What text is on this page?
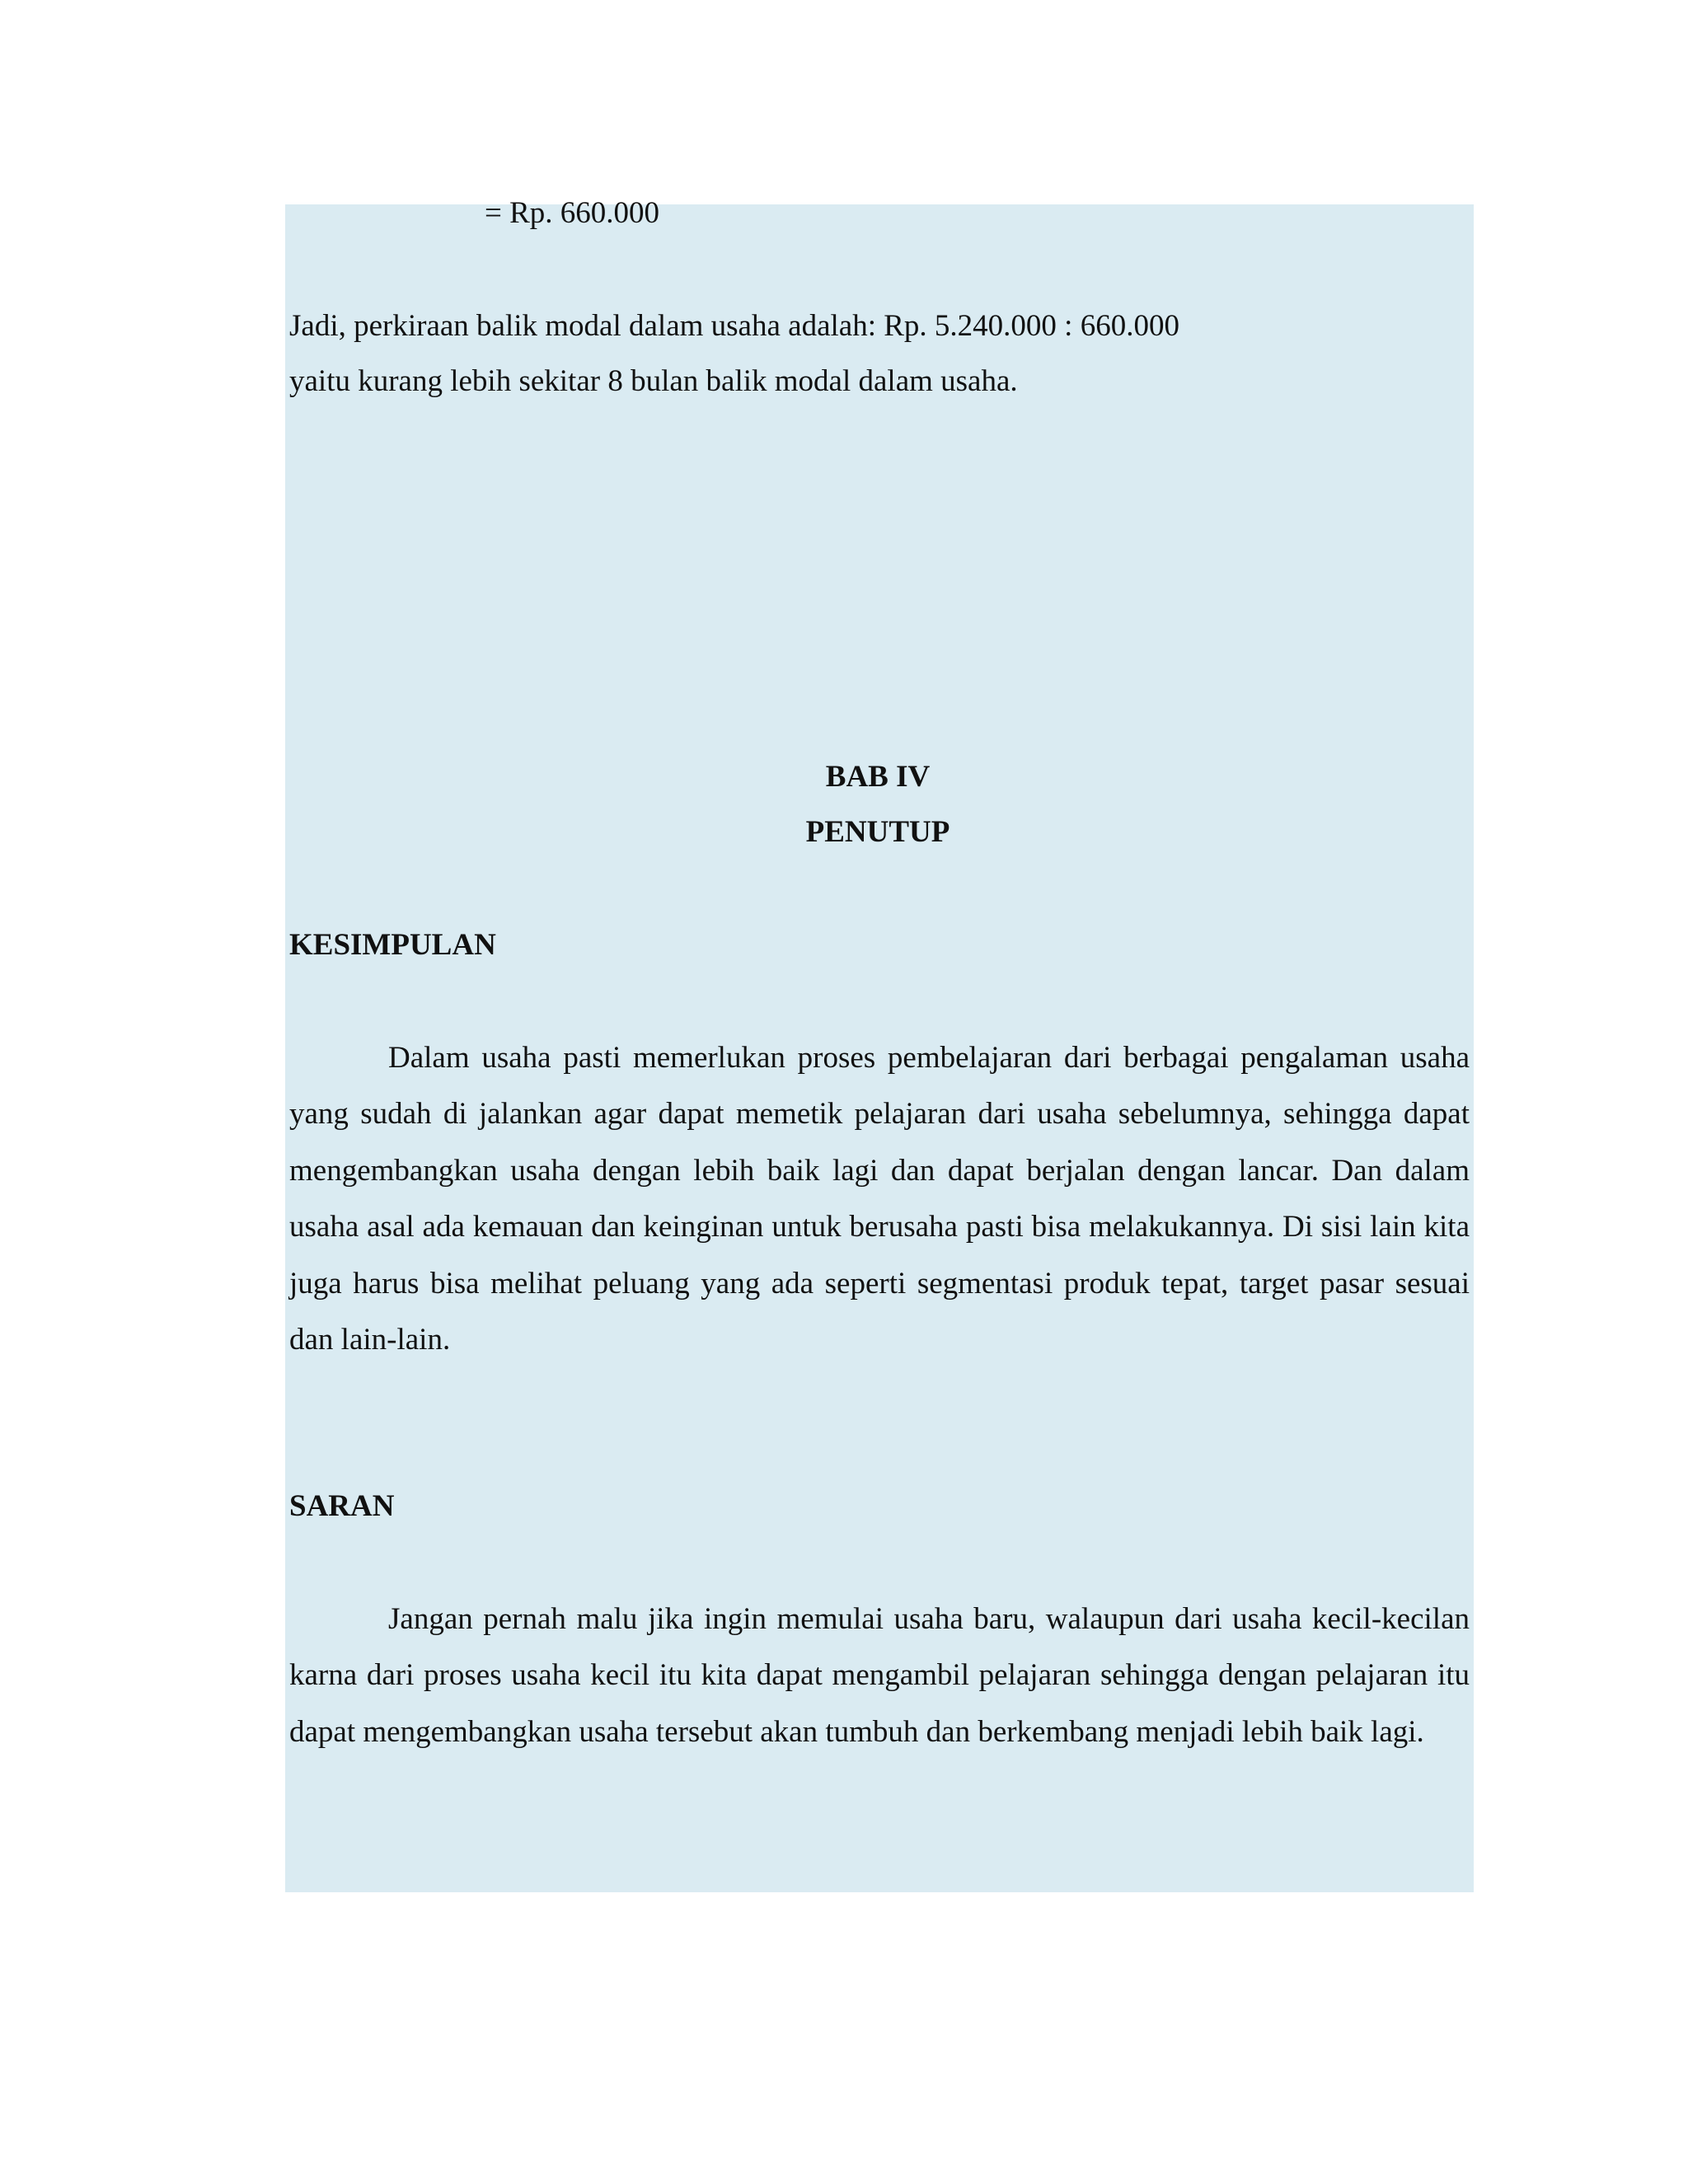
= Rp. 660.000
Jadi, perkiraan balik modal dalam usaha adalah: Rp. 5.240.000 : 660.000
yaitu kurang lebih sekitar 8 bulan balik modal dalam usaha.
BAB IV
PENUTUP
KESIMPULAN

Dalam usaha pasti memerlukan proses pembelajaran dari berbagai pengalaman usaha yang sudah di jalankan agar dapat memetik pelajaran dari usaha sebelumnya, sehingga dapat mengembangkan usaha dengan lebih baik lagi dan dapat berjalan dengan lancar. Dan dalam usaha asal ada kemauan dan keinginan untuk berusaha pasti bisa melakukannya. Di sisi lain kita juga harus bisa melihat peluang yang ada seperti segmentasi produk tepat, target pasar sesuai dan lain-lain.

SARAN

Jangan pernah malu jika ingin memulai usaha baru, walaupun dari usaha kecil-kecilan karna dari proses usaha kecil itu kita dapat mengambil pelajaran sehingga dengan pelajaran itu dapat mengembangkan usaha tersebut akan tumbuh dan berkembang menjadi lebih baik lagi.
